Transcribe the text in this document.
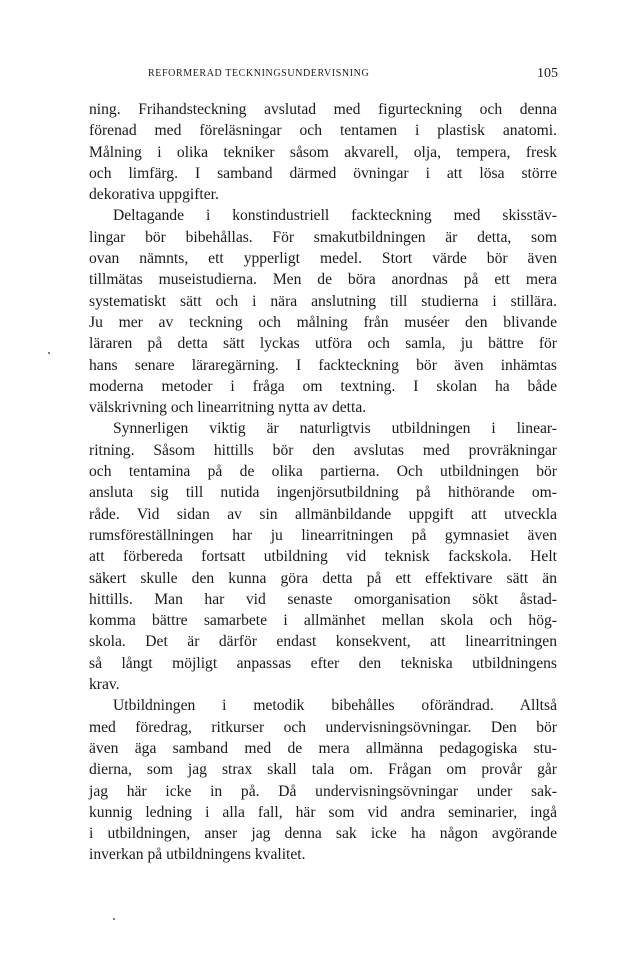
REFORMERAD TECKNINGSUNDERVISNING	105
ning. Frihandsteckning avslutad med figurteckning och denna
förenad med föreläsningar och tentamen i plastisk anatomi.
Målning i olika tekniker såsom akvarell, olja, tempera, fresk
och limfärg. I samband därmed övningar i att lösa större
dekorativa uppgifter.
Deltagande i konstindustriell fackteckning med skisstäv-
lingar bör bibehållas. För smakutbildningen är detta, som
ovan nämnts, ett ypperligt medel. Stort värde bör även
tillmätas museistudierna. Men de böra anordnas på ett mera
systematiskt sätt och i nära anslutning till studierna i stillära.
Ju mer av teckning och målning från muséer den blivande
läraren på detta sätt lyckas utföra och samla, ju bättre för
hans senare läraregärning. I fackteckning bör även inhämtas
moderna metoder i fråga om textning. I skolan ha både
välskrivning och linearritning nytta av detta.
Synnerligen viktig är naturligtvis utbildningen i linear-
ritning. Såsom hittills bör den avslutas med provräkningar
och tentamina på de olika partierna. Och utbildningen bör
ansluta sig till nutida ingenjörsutbildning på hithörande om-
råde. Vid sidan av sin allmänbildande uppgift att utveckla
rumsföreställningen har ju linearritningen på gymnasiet även
att förbereda fortsatt utbildning vid teknisk fackskola. Helt
säkert skulle den kunna göra detta på ett effektivare sätt än
hittills. Man har vid senaste omorganisation sökt åstad-
komma bättre samarbete i allmänhet mellan skola och hög-
skola. Det är därför endast konsekvent, att linearritningen
så långt möjligt anpassas efter den tekniska utbildningens
krav.
Utbildningen i metodik bibehålles oförändrad. Alltså
med föredrag, ritkurser och undervisningsövningar. Den bör
även äga samband med de mera allmänna pedagogiska stu-
dierna, som jag strax skall tala om. Frågan om provår går
jag här icke in på. Då undervisningsövningar under sak-
kunnig ledning i alla fall, här som vid andra seminarier, ingå
i utbildningen, anser jag denna sak icke ha någon avgörande
inverkan på utbildningens kvalitet.
